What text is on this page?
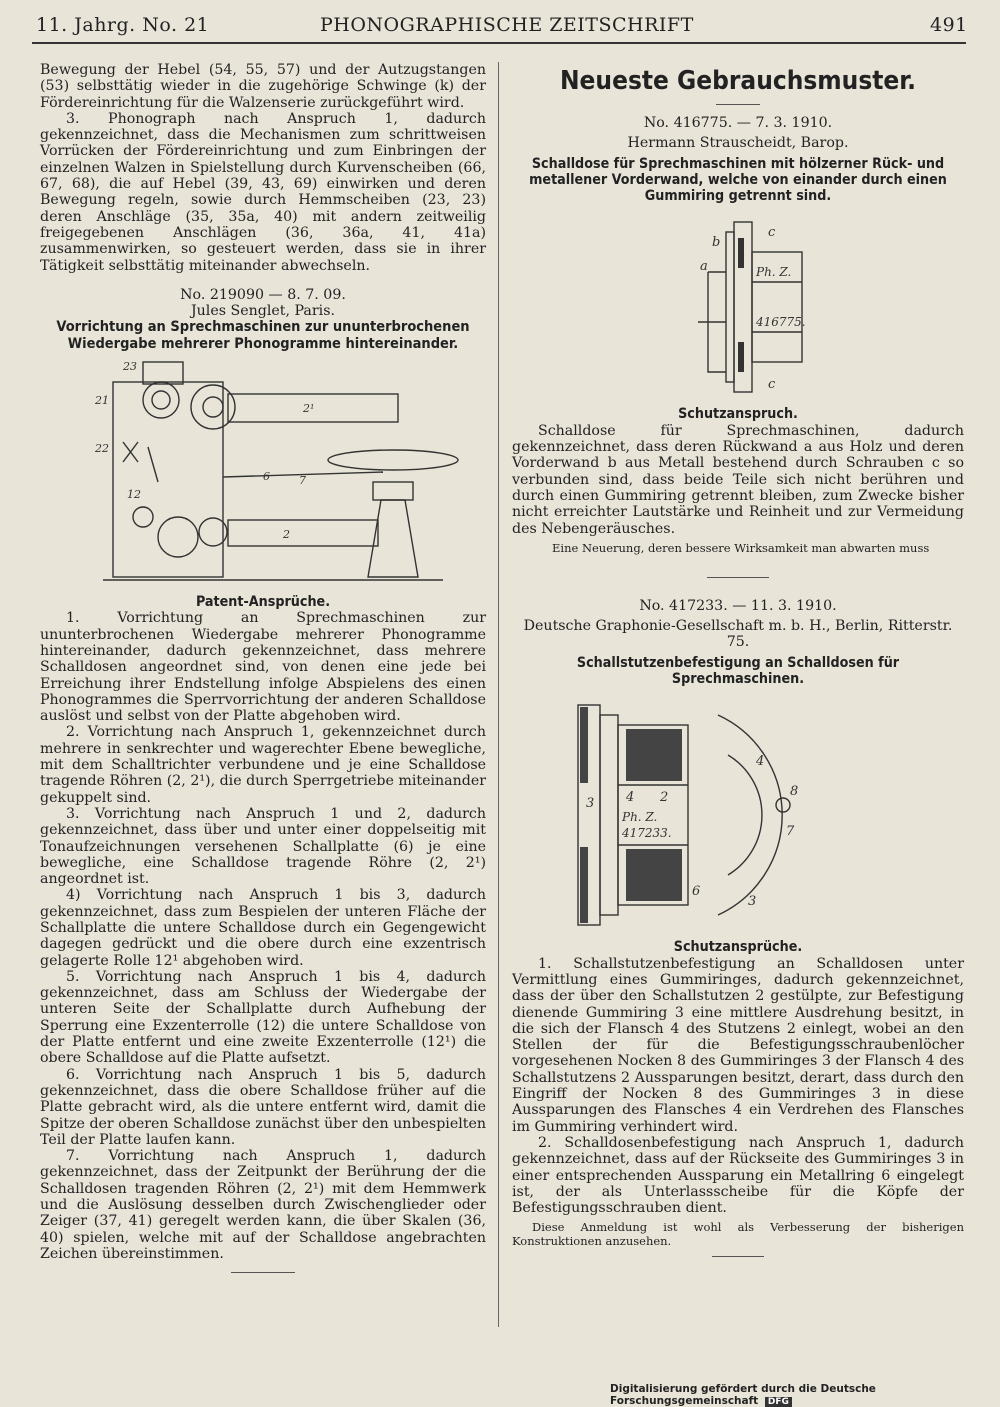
11. Jahrg. No. 21	PHONOGRAPHISCHE ZEITSCHRIFT	491

Bewegung der Hebel (54, 55, 57) und der Autzugstangen (53) selbsttätig wieder in die zugehörige Schwinge (k) der Fördereinrichtung für die Walzenserie zurückgeführt wird.

3. Phonograph nach Anspruch 1, dadurch gekennzeichnet, dass die Mechanismen zum schrittweisen Vorrücken der Fördereinrichtung und zum Einbringen der einzelnen Walzen in Spielstellung durch Kurvenscheiben (66, 67, 68), die auf Hebel (39, 43, 69) einwirken und deren Bewegung regeln, sowie durch Hemmscheiben (23, 23) deren Anschläge (35, 35a, 40) mit andern zeitweilig freigegebenen Anschlägen (36, 36a, 41, 41a) zusammenwirken, so gesteuert werden, dass sie in ihrer Tätigkeit selbsttätig miteinander abwechseln.

No. 219090 — 8. 7. 09.

Jules Senglet, Paris.

Vorrichtung an Sprechmaschinen zur ununterbrochenen Wiedergabe mehrerer Phonogramme hintereinander.

2¹
2
6	7
21
23
12
22

Patent-Ansprüche.

1. Vorrichtung an Sprechmaschinen zur ununterbrochenen Wiedergabe mehrerer Phonogramme hintereinander, dadurch gekennzeichnet, dass mehrere Schalldosen angeordnet sind, von denen eine jede bei Erreichung ihrer Endstellung infolge Abspielens des einen Phonogrammes die Sperrvorrichtung der anderen Schalldose auslöst und selbst von der Platte abgehoben wird.

2. Vorrichtung nach Anspruch 1, gekennzeichnet durch mehrere in senkrechter und wagerechter Ebene bewegliche, mit dem Schalltrichter verbundene und je eine Schalldose tragende Röhren (2, 2¹), die durch Sperrgetriebe miteinander gekuppelt sind.

3. Vorrichtung nach Anspruch 1 und 2, dadurch gekennzeichnet, dass über und unter einer doppelseitig mit Tonaufzeichnungen versehenen Schallplatte (6) je eine bewegliche, eine Schalldose tragende Röhre (2, 2¹) angeordnet ist.

4) Vorrichtung nach Anspruch 1 bis 3, dadurch gekennzeichnet, dass zum Bespielen der unteren Fläche der Schallplatte die untere Schalldose durch ein Gegengewicht dagegen gedrückt und die obere durch eine exzentrisch gelagerte Rolle 12¹ abgehoben wird.

5. Vorrichtung nach Anspruch 1 bis 4, dadurch gekennzeichnet, dass am Schluss der Wiedergabe der unteren Seite der Schallplatte durch Aufhebung der Sperrung eine Exzenterrolle (12) die untere Schalldose von der Platte entfernt und eine zweite Exzenterrolle (12¹) die obere Schalldose auf die Platte aufsetzt.

6. Vorrichtung nach Anspruch 1 bis 5, dadurch gekennzeichnet, dass die obere Schalldose früher auf die Platte gebracht wird, als die untere entfernt wird, damit die Spitze der oberen Schalldose zunächst über den unbespielten Teil der Platte laufen kann.

7. Vorrichtung nach Anspruch 1, dadurch gekennzeichnet, dass der Zeitpunkt der Berührung der die Schalldosen tragenden Röhren (2, 2¹) mit dem Hemmwerk und die Auslösung desselben durch Zwischenglieder oder Zeiger (37, 41) geregelt werden kann, die über Skalen (36, 40) spielen, welche mit auf der Schalldose angebrachten Zeichen übereinstimmen.

Neueste Gebrauchsmuster.

No. 416775. — 7. 3. 1910.

Hermann Strauscheidt, Barop.

Schalldose für Sprechmaschinen mit hölzerner Rück- und metallener Vorderwand, welche von einander durch einen Gummiring getrennt sind.

b
c
a	Ph. Z.
416775.
c

Schutzanspruch.

Schalldose für Sprechmaschinen, dadurch gekennzeichnet, dass deren Rückwand a aus Holz und deren Vorderwand b aus Metall bestehend durch Schrauben c so verbunden sind, dass beide Teile sich nicht berühren und durch einen Gummiring getrennt bleiben, zum Zwecke bisher nicht erreichter Lautstärke und Reinheit und zur Vermeidung des Nebengeräusches.

Eine Neuerung, deren bessere Wirksamkeit man abwarten muss

No. 417233. — 11. 3. 1910.

Deutsche Graphonie-Gesellschaft m. b. H., Berlin, Ritterstr. 75.

Schallstutzenbefestigung an Schalldosen für Sprechmaschinen.

3 4 2
Ph. Z.
417233.
6
4
8
7
3

Schutzansprüche.

1. Schallstutzenbefestigung an Schalldosen unter Vermittlung eines Gummiringes, dadurch gekennzeichnet, dass der über den Schallstutzen 2 gestülpte, zur Befestigung dienende Gummiring 3 eine mittlere Ausdrehung besitzt, in die sich der Flansch 4 des Stutzens 2 einlegt, wobei an den Stellen der für die Befestigungsschraubenlöcher vorgesehenen Nocken 8 des Gummiringes 3 der Flansch 4 des Schallstutzens 2 Aussparungen besitzt, derart, dass durch den Eingriff der Nocken 8 des Gummiringes 3 in diese Aussparungen des Flansches 4 ein Verdrehen des Flansches im Gummiring verhindert wird.

2. Schalldosenbefestigung nach Anspruch 1, dadurch gekennzeichnet, dass auf der Rückseite des Gummiringes 3 in einer entsprechenden Aussparung ein Metallring 6 eingelegt ist, der als Unterlassscheibe für die Köpfe der Befestigungsschrauben dient.

Diese Anmeldung ist wohl als Verbesserung der bisherigen Konstruktionen anzusehen.

Digitalisierung gefördert durch die Deutsche Forschungsgemeinschaft DFG
